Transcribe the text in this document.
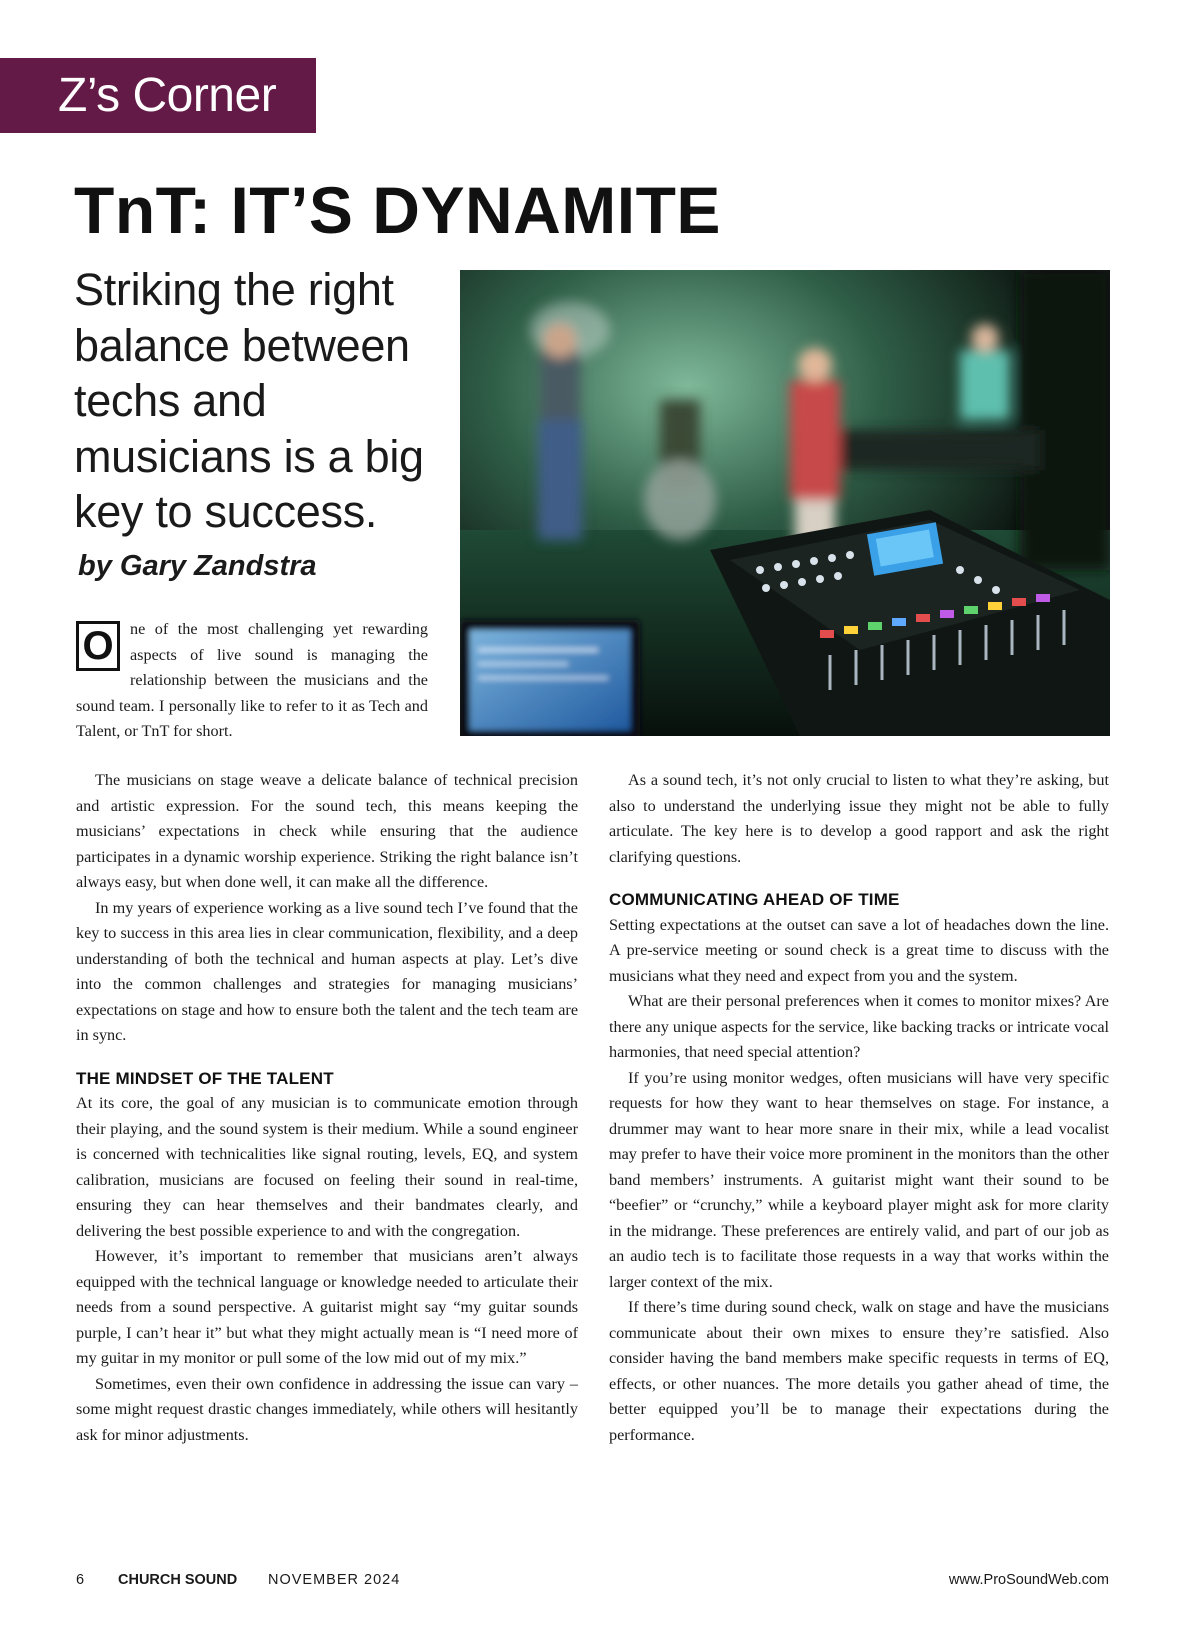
Z’s Corner
TnT: IT’S DYNAMITE

Striking the right balance between techs and musicians is a big key to success.

by Gary Zandstra

O	ne of the most challenging yet rewarding aspects of live sound is managing the relationship between the musicians and the sound team. I personally like to refer to it as Tech and Talent, or TnT for short.

The musicians on stage weave a delicate balance of technical precision and artistic expression. For the sound tech, this means keeping the musicians’ expectations in check while ensuring that the audience participates in a dynamic worship experience. Striking the right balance isn’t always easy, but when done well, it can make all the difference.

In my years of experience working as a live sound tech I’ve found that the key to success in this area lies in clear communication, flexibility, and a deep understanding of both the technical and human aspects at play. Let’s dive into the common challenges and strategies for managing musicians’ expectations on stage and how to ensure both the talent and the tech team are in sync.

THE MINDSET OF THE TALENT

At its core, the goal of any musician is to communicate emotion through their playing, and the sound system is their medium. While a sound engineer is concerned with technicalities like signal routing, levels, EQ, and system calibration, musicians are focused on feeling their sound in real-time, ensuring they can hear themselves and their bandmates clearly, and delivering the best possible experience to and with the congregation.

However, it’s important to remember that musicians aren’t always equipped with the technical language or knowledge needed to articulate their needs from a sound perspective. A guitarist might say “my guitar sounds purple, I can’t hear it” but what they might actually mean is “I need more of my guitar in my monitor or pull some of the low mid out of my mix.”

Sometimes, even their own confidence in addressing the issue can vary – some might request drastic changes immediately, while others will hesitantly ask for minor adjustments.

As a sound tech, it’s not only crucial to listen to what they’re asking, but also to understand the underlying issue they might not be able to fully articulate. The key here is to develop a good rapport and ask the right clarifying questions.

COMMUNICATING AHEAD OF TIME

Setting expectations at the outset can save a lot of headaches down the line. A pre-service meeting or sound check is a great time to discuss with the musicians what they need and expect from you and the system.

What are their personal preferences when it comes to monitor mixes? Are there any unique aspects for the service, like backing tracks or intricate vocal harmonies, that need special attention?

If you’re using monitor wedges, often musicians will have very specific requests for how they want to hear themselves on stage. For instance, a drummer may want to hear more snare in their mix, while a lead vocalist may prefer to have their voice more prominent in the monitors than the other band members’ instruments. A guitarist might want their sound to be “beefier” or “crunchy,” while a keyboard player might ask for more clarity in the midrange. These preferences are entirely valid, and part of our job as an audio tech is to facilitate those requests in a way that works within the larger context of the mix.

If there’s time during sound check, walk on stage and have the musicians communicate about their own mixes to ensure they’re satisfied. Also consider having the band members make specific requests in terms of EQ, effects, or other nuances. The more details you gather ahead of time, the better equipped you’ll be to manage their expectations during the performance.

6 CHURCH SOUND NOVEMBER 2024	www.ProSoundWeb.com
